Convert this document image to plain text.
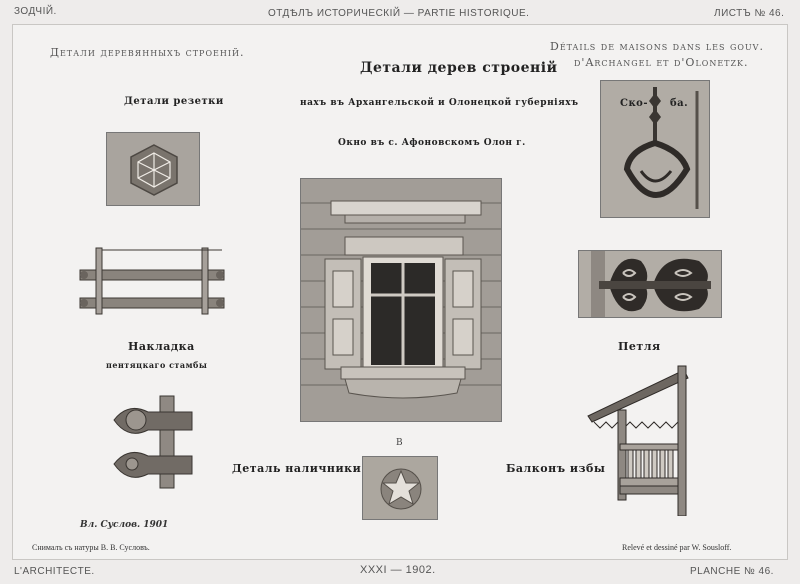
ЗОДЧIЙ.	ОТДѢЛЪ ИСТОРИЧЕСКIЙ — PARTIE HISTORIQUE.	ЛИСТЪ № 46.
Детали деревянныхъ строенiй.	Détails de maisons dans les gouv.
d'Archangel et d'Olonetzk.
Детали дерев строенiй
нахъ въ Архангельской и Олонецкой губернiяхъ
Окно въ с. Афоновскомъ Олон г.
Детали резетки
Накладка
пентяцкаго стамбы
Вл. Суслов. 1901
В
Деталь наличники	Балконъ избы
Ско- ба.
Петля
Снималъ съ натуры В. В. Сусловъ.	Relevé et dessiné par W. Souslоff.
L'ARCHITECTE.	XXXI — 1902.	PLANCHE № 46.
